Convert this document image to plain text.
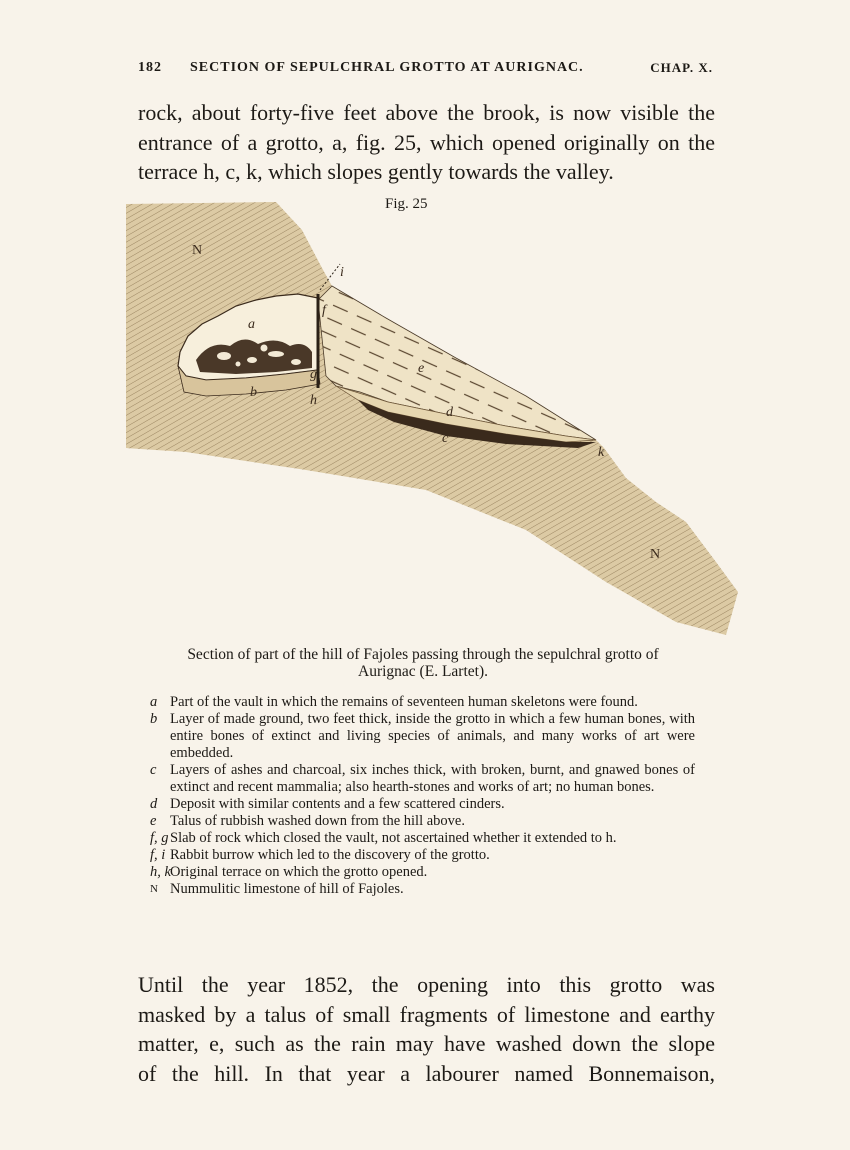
182 SECTION OF SEPULCHRAL GROTTO AT AURIGNAC.	CHAP. X.
rock, about forty-five feet above the brook, is now visible the
entrance of a grotto, a, fig. 25, which opened originally on the
terrace h, c, k, which slopes gently towards the valley.
Fig. 25
N
N
a
b
c
d
e
f
g
h
i
k
Section of part of the hill of Fajoles passing through the sepulchral grotto of
Aurignac (E. Lartet).
a Part of the vault in which the remains of seventeen human skeletons were found.
b Layer of made ground, two feet thick, inside the grotto in which a few human bones, with entire bones of extinct and living species of animals, and many works of art were embedded.
c Layers of ashes and charcoal, six inches thick, with broken, burnt, and gnawed bones of extinct and recent mammalia; also hearth-stones and works of art; no human bones.
d Deposit with similar contents and a few scattered cinders.
e Talus of rubbish washed down from the hill above.
f, g Slab of rock which closed the vault, not ascertained whether it extended to h.
f, i Rabbit burrow which led to the discovery of the grotto.
h, k Original terrace on which the grotto opened.
N Nummulitic limestone of hill of Fajoles.
Until the year 1852, the opening into this grotto was
masked by a talus of small fragments of limestone and earthy
matter, e, such as the rain may have washed down the slope
of the hill. In that year a labourer named Bonnemaison,
